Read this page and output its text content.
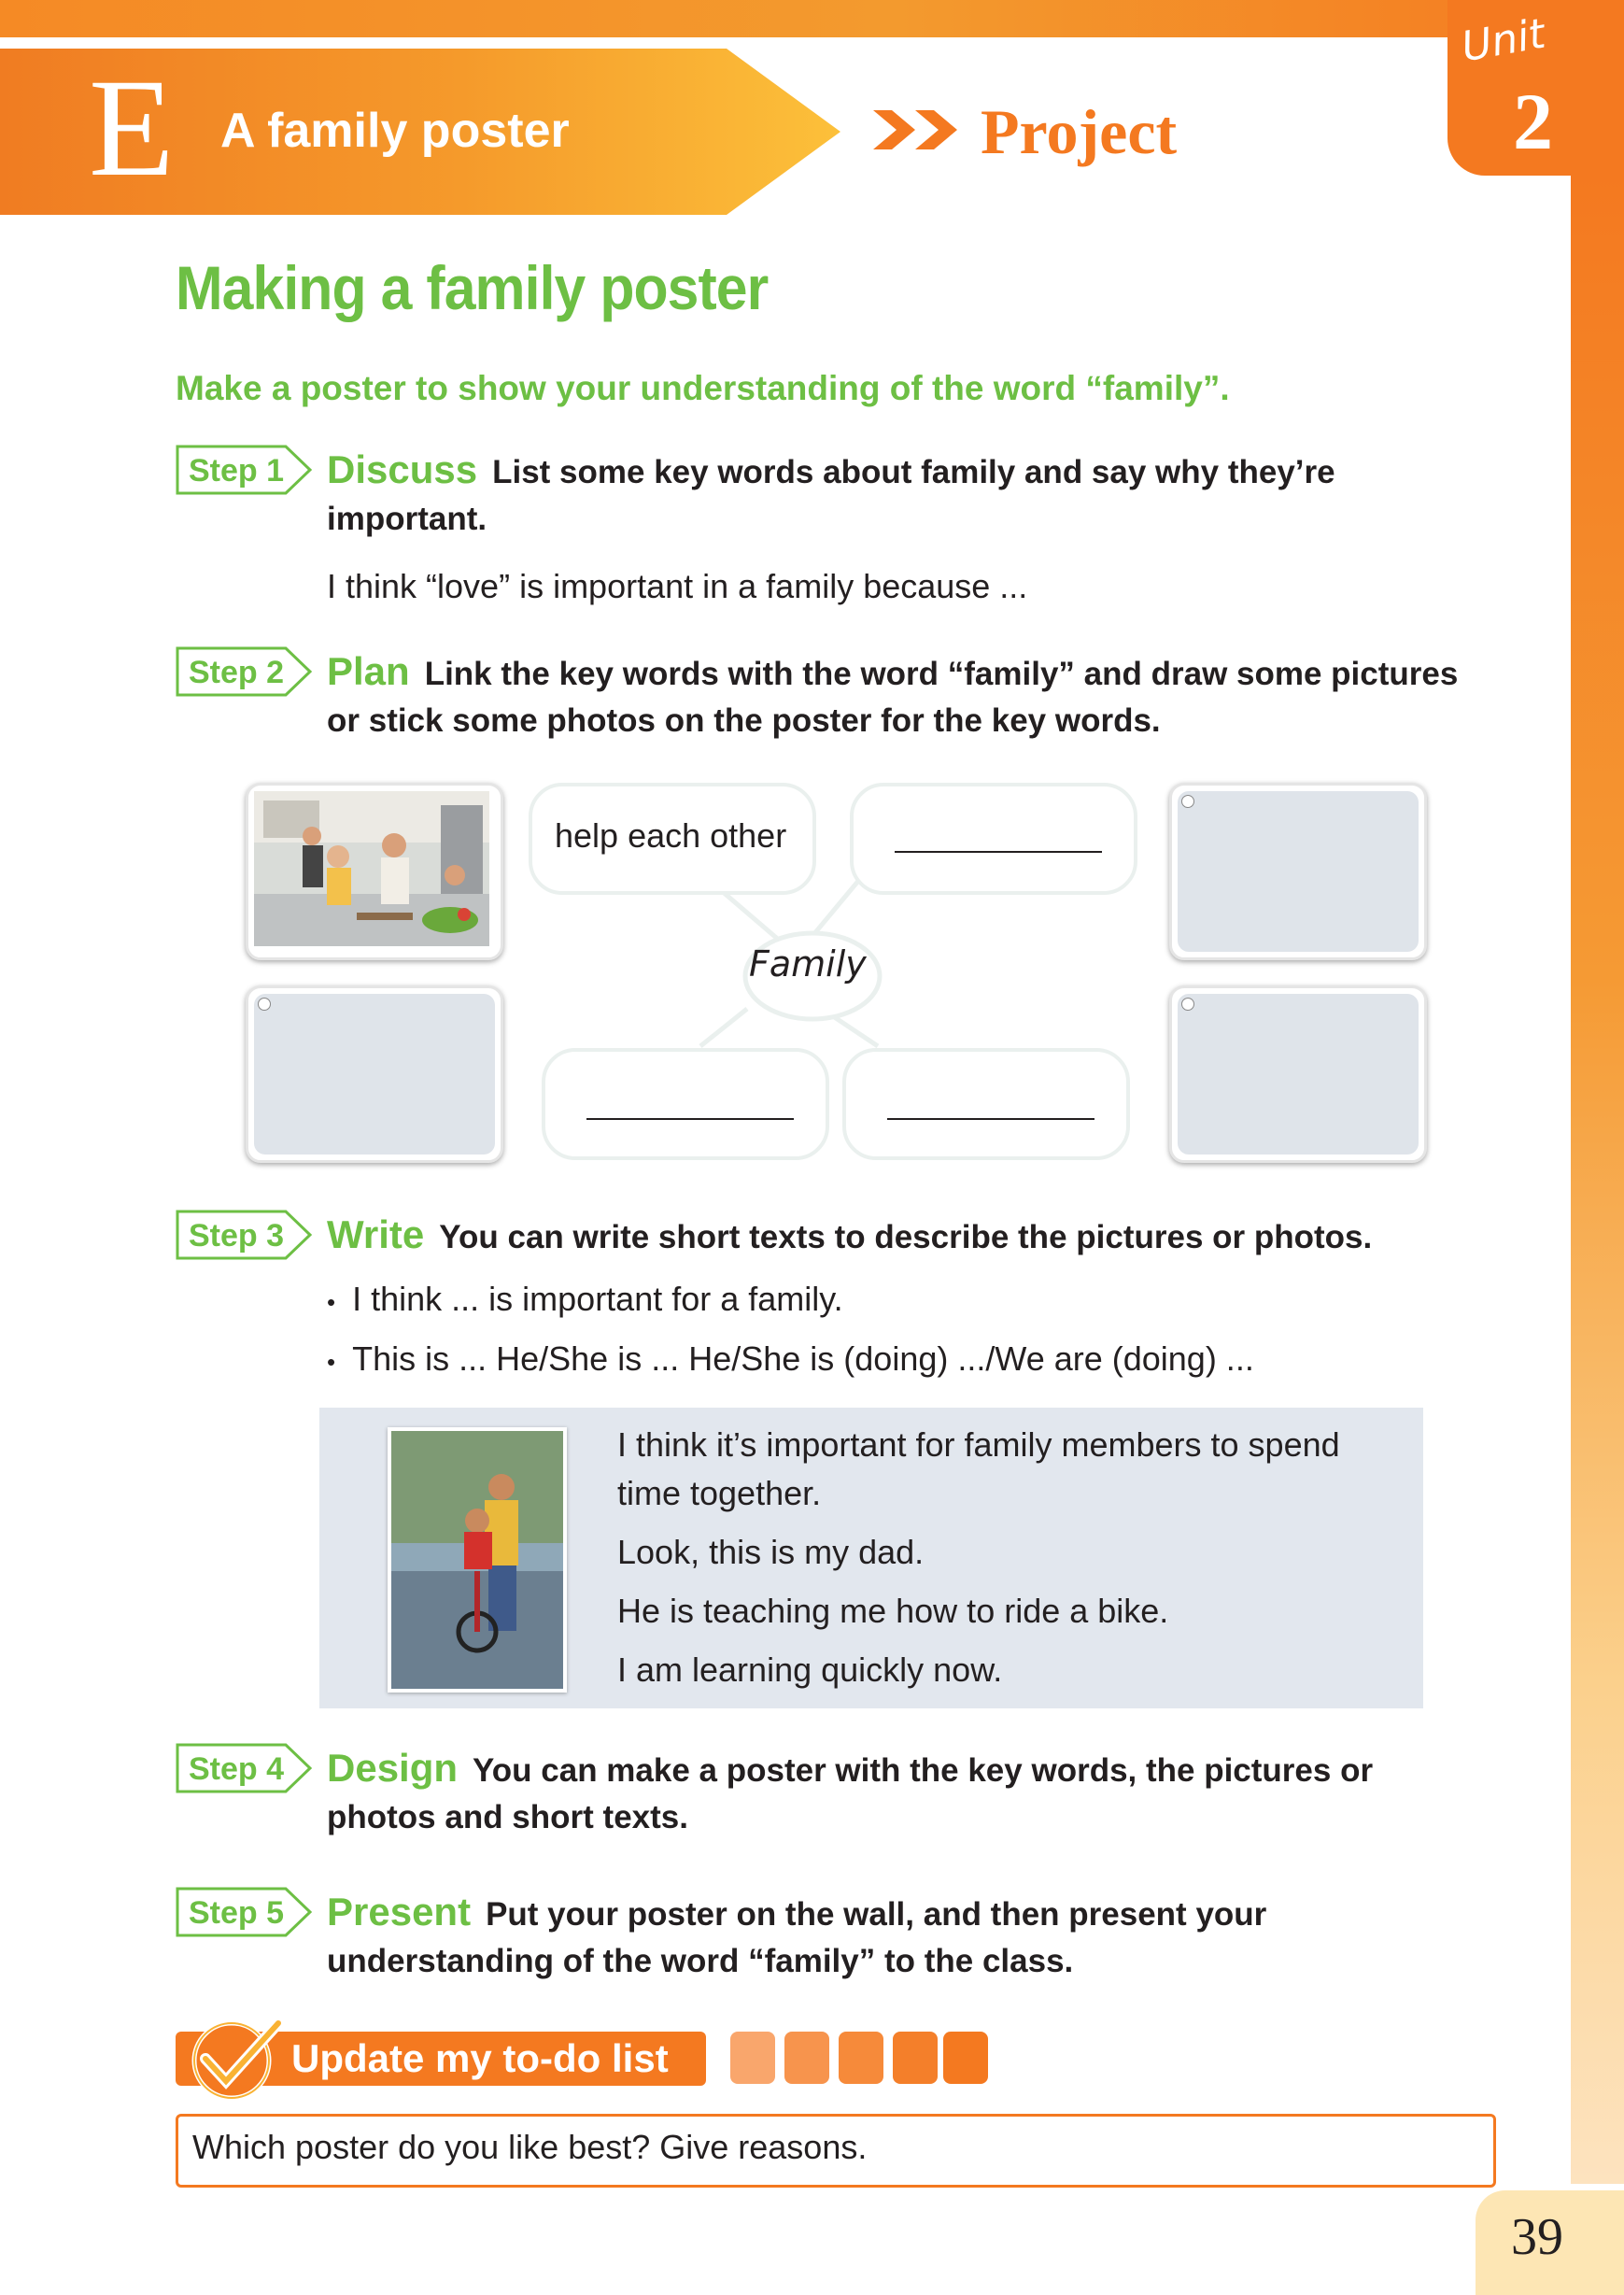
E A family poster	Project
Unit
2
Making a family poster
Make a poster to show your understanding of the word “family”.
Step 1
Step 2
Step 3
Step 4
Step 5
Discuss List some key words about family and say why they’re
important.
I think “love” is important in a family because ...
Plan Link the key words with the word “family” and draw some pictures
or stick some photos on the poster for the key words.
Family
help each other
Write You can write short texts to describe the pictures or photos.
• I think ... is important for a family.
• This is ... He/She is ... He/She is (doing) .../We are (doing) ...
I think it’s important for family members to spend
time together.
Look, this is my dad.
He is teaching me how to ride a bike.
I am learning quickly now.
Design You can make a poster with the key words, the pictures or
photos and short texts.
Present Put your poster on the wall, and then present your
understanding of the word “family” to the class.
Update my to-do list
Which poster do you like best? Give reasons.
39
